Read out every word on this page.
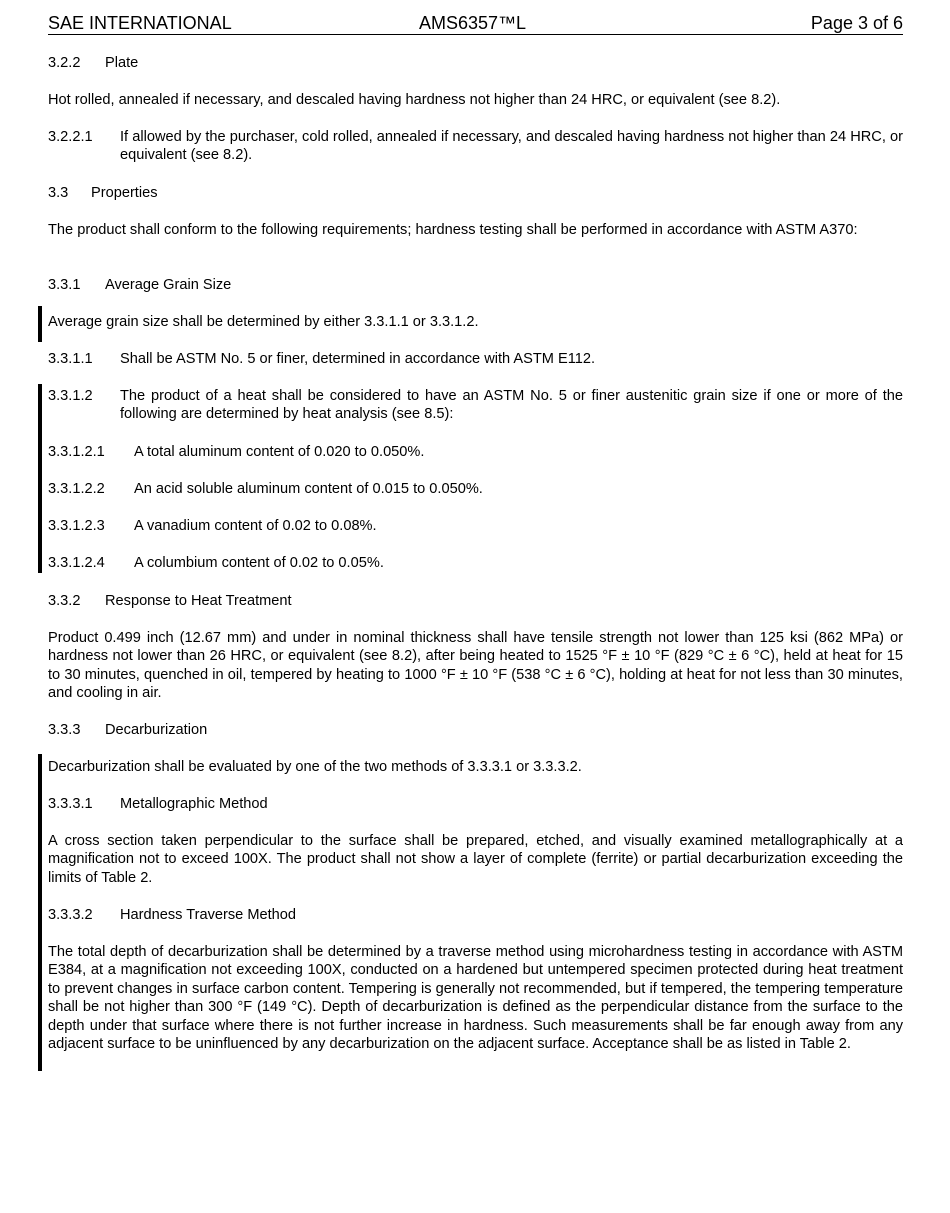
SAE INTERNATIONAL	AMS6357™L	Page 3 of 6
3.2.2 Plate
Hot rolled, annealed if necessary, and descaled having hardness not higher than 24 HRC, or equivalent (see 8.2).
3.2.2.1 If allowed by the purchaser, cold rolled, annealed if necessary, and descaled having hardness not higher than 24 HRC, or equivalent (see 8.2).
3.3 Properties
The product shall conform to the following requirements; hardness testing shall be performed in accordance with ASTM A370:
3.3.1 Average Grain Size
Average grain size shall be determined by either 3.3.1.1 or 3.3.1.2.
3.3.1.1 Shall be ASTM No. 5 or finer, determined in accordance with ASTM E112.
3.3.1.2 The product of a heat shall be considered to have an ASTM No. 5 or finer austenitic grain size if one or more of the following are determined by heat analysis (see 8.5):
3.3.1.2.1 A total aluminum content of 0.020 to 0.050%.
3.3.1.2.2 An acid soluble aluminum content of 0.015 to 0.050%.
3.3.1.2.3 A vanadium content of 0.02 to 0.08%.
3.3.1.2.4 A columbium content of 0.02 to 0.05%.
3.3.2 Response to Heat Treatment
Product 0.499 inch (12.67 mm) and under in nominal thickness shall have tensile strength not lower than 125 ksi (862 MPa) or hardness not lower than 26 HRC, or equivalent (see 8.2), after being heated to 1525 °F ± 10 °F (829 °C ± 6 °C), held at heat for 15 to 30 minutes, quenched in oil, tempered by heating to 1000 °F ± 10 °F (538 °C ± 6 °C), holding at heat for not less than 30 minutes, and cooling in air.
3.3.3 Decarburization
Decarburization shall be evaluated by one of the two methods of 3.3.3.1 or 3.3.3.2.
3.3.3.1 Metallographic Method
A cross section taken perpendicular to the surface shall be prepared, etched, and visually examined metallographically at a magnification not to exceed 100X. The product shall not show a layer of complete (ferrite) or partial decarburization exceeding the limits of Table 2.
3.3.3.2 Hardness Traverse Method
The total depth of decarburization shall be determined by a traverse method using microhardness testing in accordance with ASTM E384, at a magnification not exceeding 100X, conducted on a hardened but untempered specimen protected during heat treatment to prevent changes in surface carbon content. Tempering is generally not recommended, but if tempered, the tempering temperature shall be not higher than 300 °F (149 °C). Depth of decarburization is defined as the perpendicular distance from the surface to the depth under that surface where there is not further increase in hardness. Such measurements shall be far enough away from any adjacent surface to be uninfluenced by any decarburization on the adjacent surface. Acceptance shall be as listed in Table 2.
